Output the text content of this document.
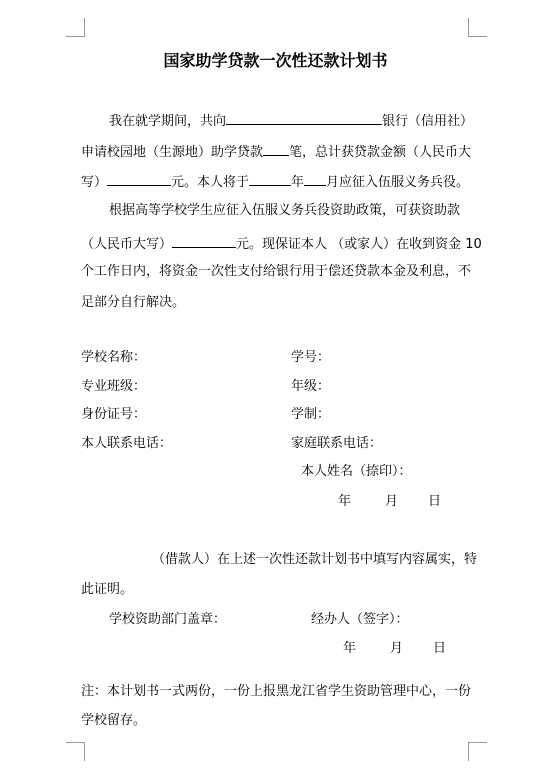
国家助学贷款一次性还款计划书
我在就学期间，共向	银行（信用社）
申请校园地（生源地）助学贷款 笔，总计获贷款金额（人民币大
写）	元。本人将于	年 月应征入伍服义务兵役。
根据高等学校学生应征入伍服义务兵役资助政策，可获资助款
（人民币大写）	元。现保证本人 （或家人）在收到资金 10
个工作日内，将资金一次性支付给银行用于偿还贷款本金及利息，不
足部分自行解决。
学校名称：	学号：
专业班级：	年级：
身份证号：	学制：
本人联系电话：	家庭联系电话：
本人姓名（捺印）：
年	月 日
（借款人）在上述一次性还款计划书中填写内容属实，特
此证明。
学校资助部门盖章：	经办人（签字）：
年	月 日
注：本计划书一式两份，一份上报黑龙江省学生资助管理中心，一份
学校留存。
